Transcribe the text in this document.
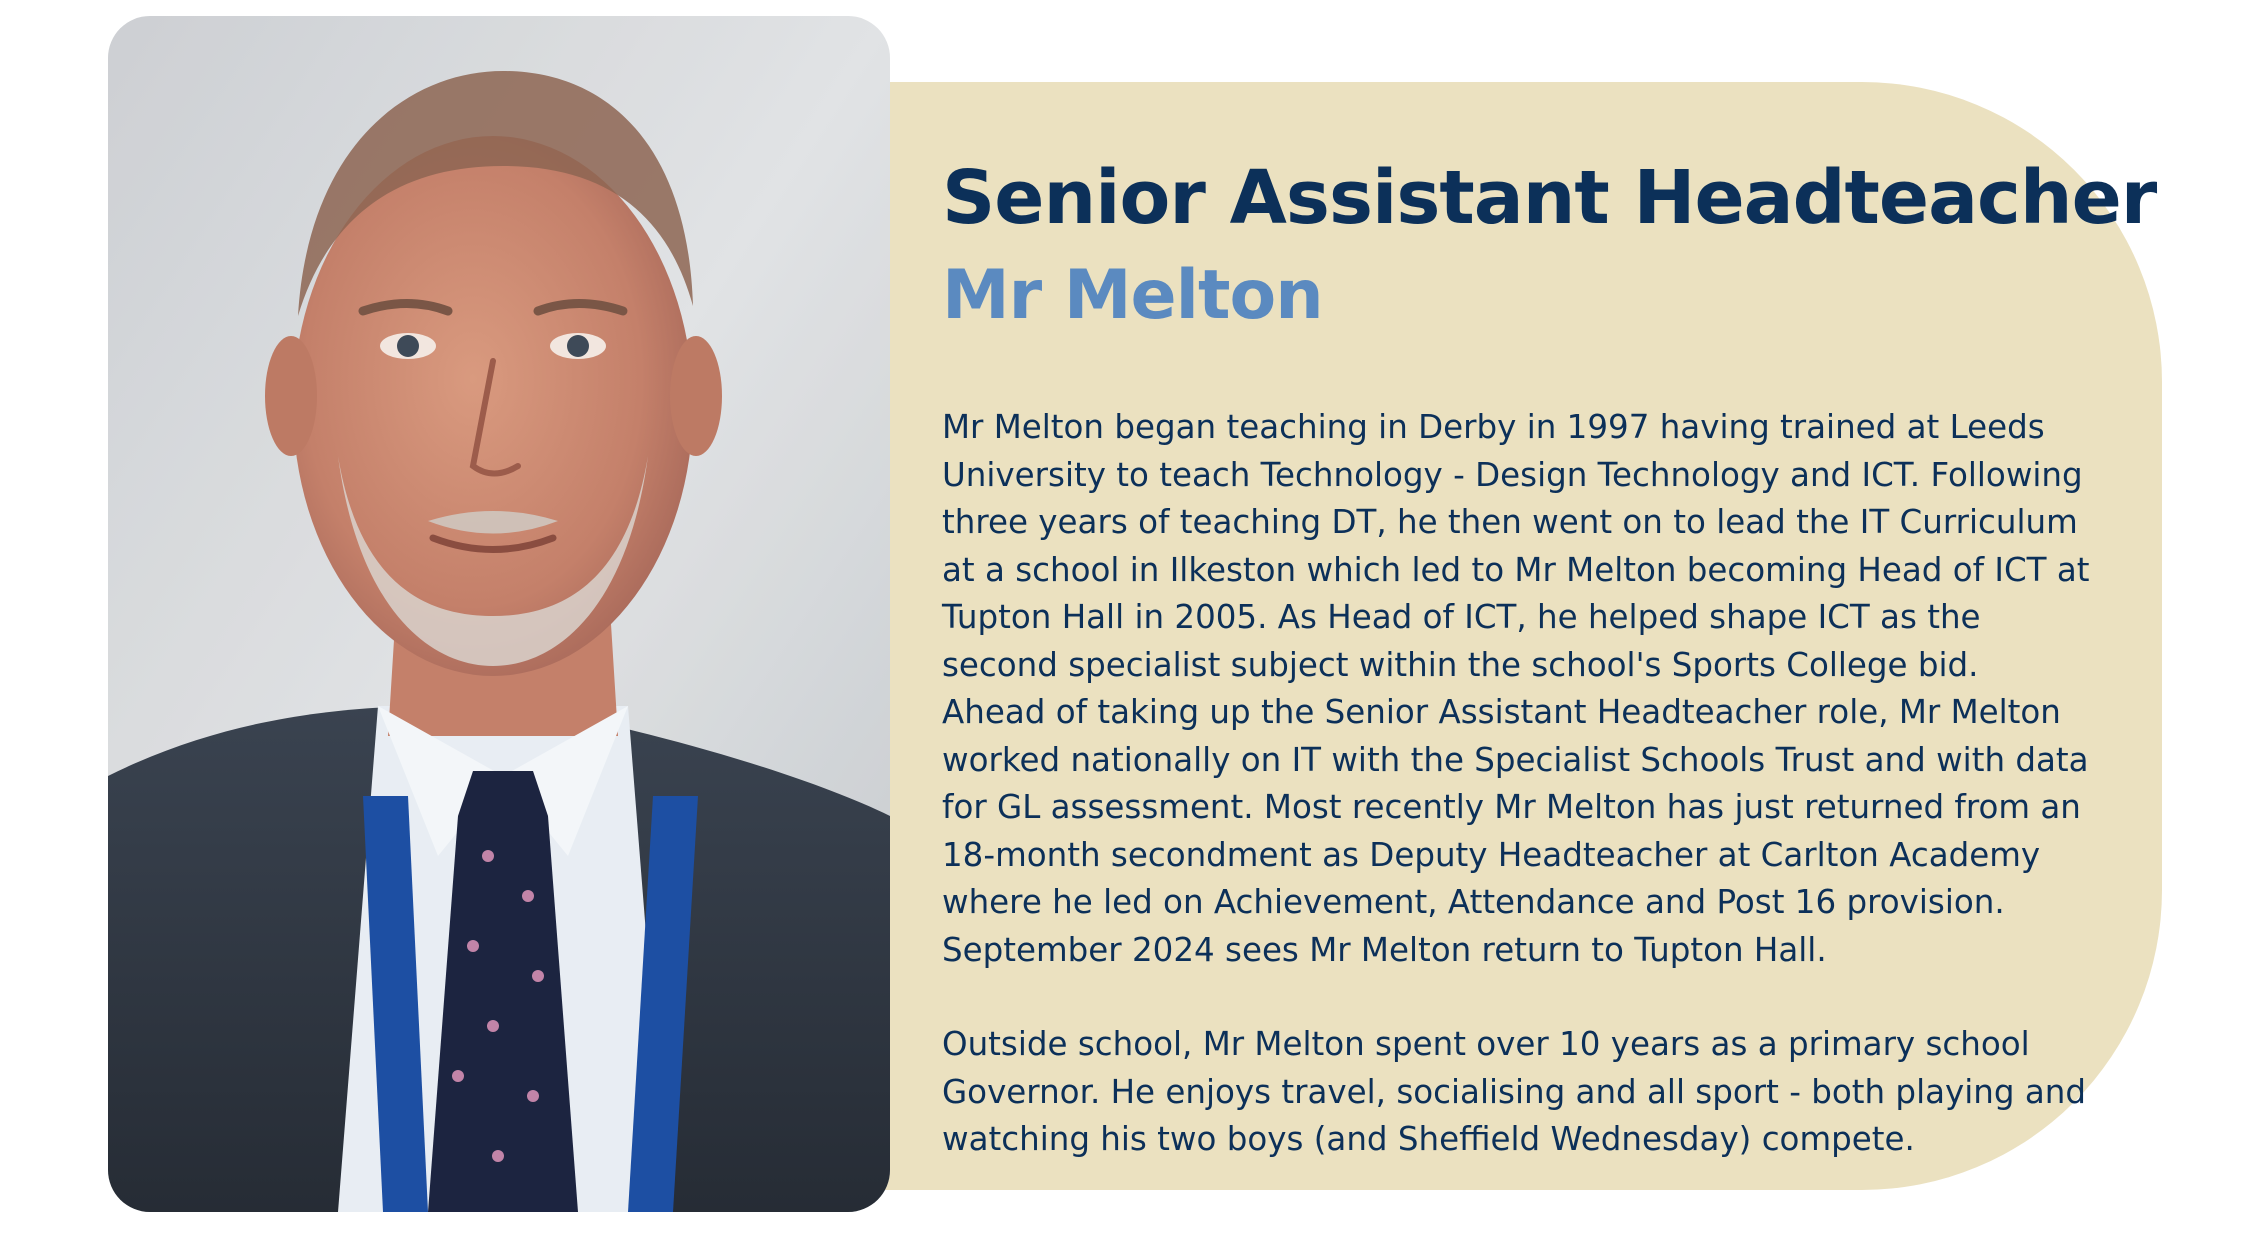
Senior Assistant Headteacher
Mr Melton

Mr Melton began teaching in Derby in 1997 having trained at Leeds University to teach Technology - Design Technology and ICT. Following three years of teaching DT, he then went on to lead the IT Curriculum at a school in Ilkeston which led to Mr Melton becoming Head of ICT at Tupton Hall in 2005. As Head of ICT, he helped shape ICT as the second specialist subject within the school's Sports College bid. Ahead of taking up the Senior Assistant Headteacher role, Mr Melton worked nationally on IT with the Specialist Schools Trust and with data for GL assessment. Most recently Mr Melton has just returned from an 18-month secondment as Deputy Headteacher at Carlton Academy where he led on Achievement, Attendance and Post 16 provision. September 2024 sees Mr Melton return to Tupton Hall.

Outside school, Mr Melton spent over 10 years as a primary school Governor. He enjoys travel, socialising and all sport - both playing and watching his two boys (and Sheffield Wednesday) compete.
